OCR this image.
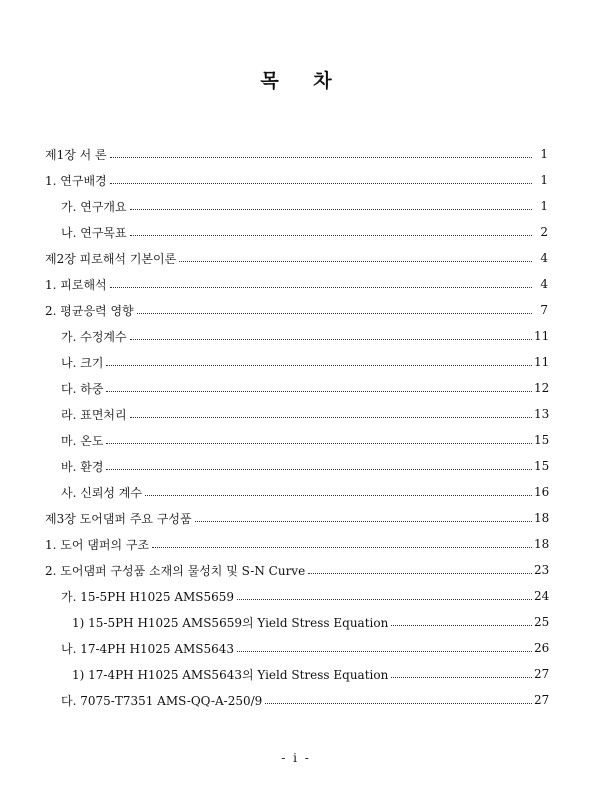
목 차
제1장 서 론	1
1. 연구배경	1
가. 연구개요	1
나. 연구목표	2
제2장 피로해석 기본이론	4
1. 피로해석	4
2. 평균응력 영향	7
가. 수정계수	11
나. 크기	11
다. 하중	12
라. 표면처리	13
마. 온도	15
바. 환경	15
사. 신뢰성 계수	16
제3장 도어댐퍼 주요 구성품	18
1. 도어 댐퍼의 구조	18
2. 도어댐퍼 구성품 소재의 물성치 및 S-N Curve	23
가. 15-5PH H1025 AMS5659	24
1) 15-5PH H1025 AMS5659의 Yield Stress Equation	25
나. 17-4PH H1025 AMS5643	26
1) 17-4PH H1025 AMS5643의 Yield Stress Equation	27
다. 7075-T7351 AMS-QQ-A-250/9	27
- i -
